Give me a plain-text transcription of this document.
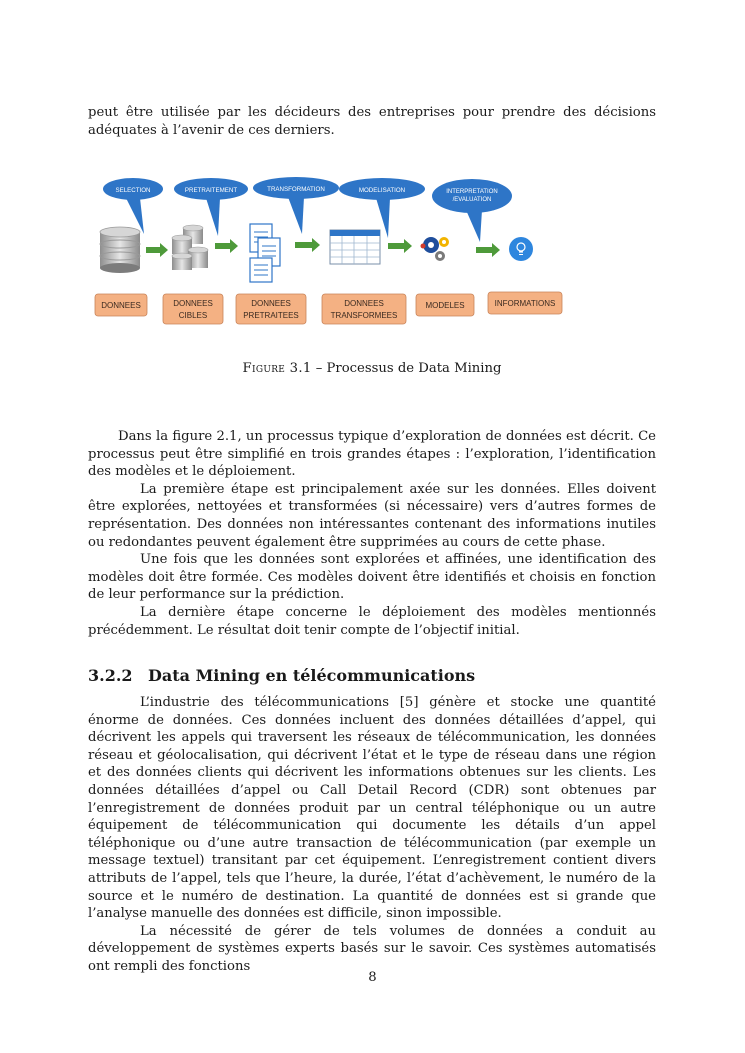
peut être utilisée par les décideurs des entreprises pour prendre des décisions adéquates à l’avenir de ces derniers.

SELECTION	PRETRAITEMENT	TRANSFORMATION	MODELISATION	INTERPRETATION
/EVALUATION
DONNEES	DONNEES
CIBLES
DONNEES
PRETRAITEES
DONNEES
TRANSFORMEES
MODELES	INFORMATIONS
Figure 3.1 – Processus de Data Mining

Dans la figure 2.1, un processus typique d’exploration de données est décrit. Ce processus peut être simplifié en trois grandes étapes : l’exploration, l’identification des modèles et le déploiement.

La première étape est principalement axée sur les données. Elles doivent être explorées, nettoyées et transformées (si nécessaire) vers d’autres formes de représentation. Des données non intéressantes contenant des informations inutiles ou redondantes peuvent également être supprimées au cours de cette phase.

Une fois que les données sont explorées et affinées, une identification des modèles doit être formée. Ces modèles doivent être identifiés et choisis en fonction de leur performance sur la prédiction.

La dernière étape concerne le déploiement des modèles mentionnés précédemment. Le résultat doit tenir compte de l’objectif initial.

3.2.2 Data Mining en télécommunications

L’industrie des télécommunications [5] génère et stocke une quantité énorme de données. Ces données incluent des données détaillées d’appel, qui décrivent les appels qui traversent les réseaux de télécommunication, les données réseau et géolocalisation, qui décrivent l’état et le type de réseau dans une région et des données clients qui décrivent les informations obtenues sur les clients. Les données détaillées d’appel ou Call Detail Record (CDR) sont obtenues par l’enregistrement de données produit par un central téléphonique ou un autre équipement de télécommunication qui documente les détails d’un appel téléphonique ou d’une autre transaction de télécommunication (par exemple un message textuel) transitant par cet équipement. L’enregistrement contient divers attributs de l’appel, tels que l’heure, la durée, l’état d’achèvement, le numéro de la source et le numéro de destination. La quantité de données est si grande que l’analyse manuelle des données est difficile, sinon impossible.

La nécessité de gérer de tels volumes de données a conduit au développement de systèmes experts basés sur le savoir. Ces systèmes automatisés ont rempli des fonctions

8
